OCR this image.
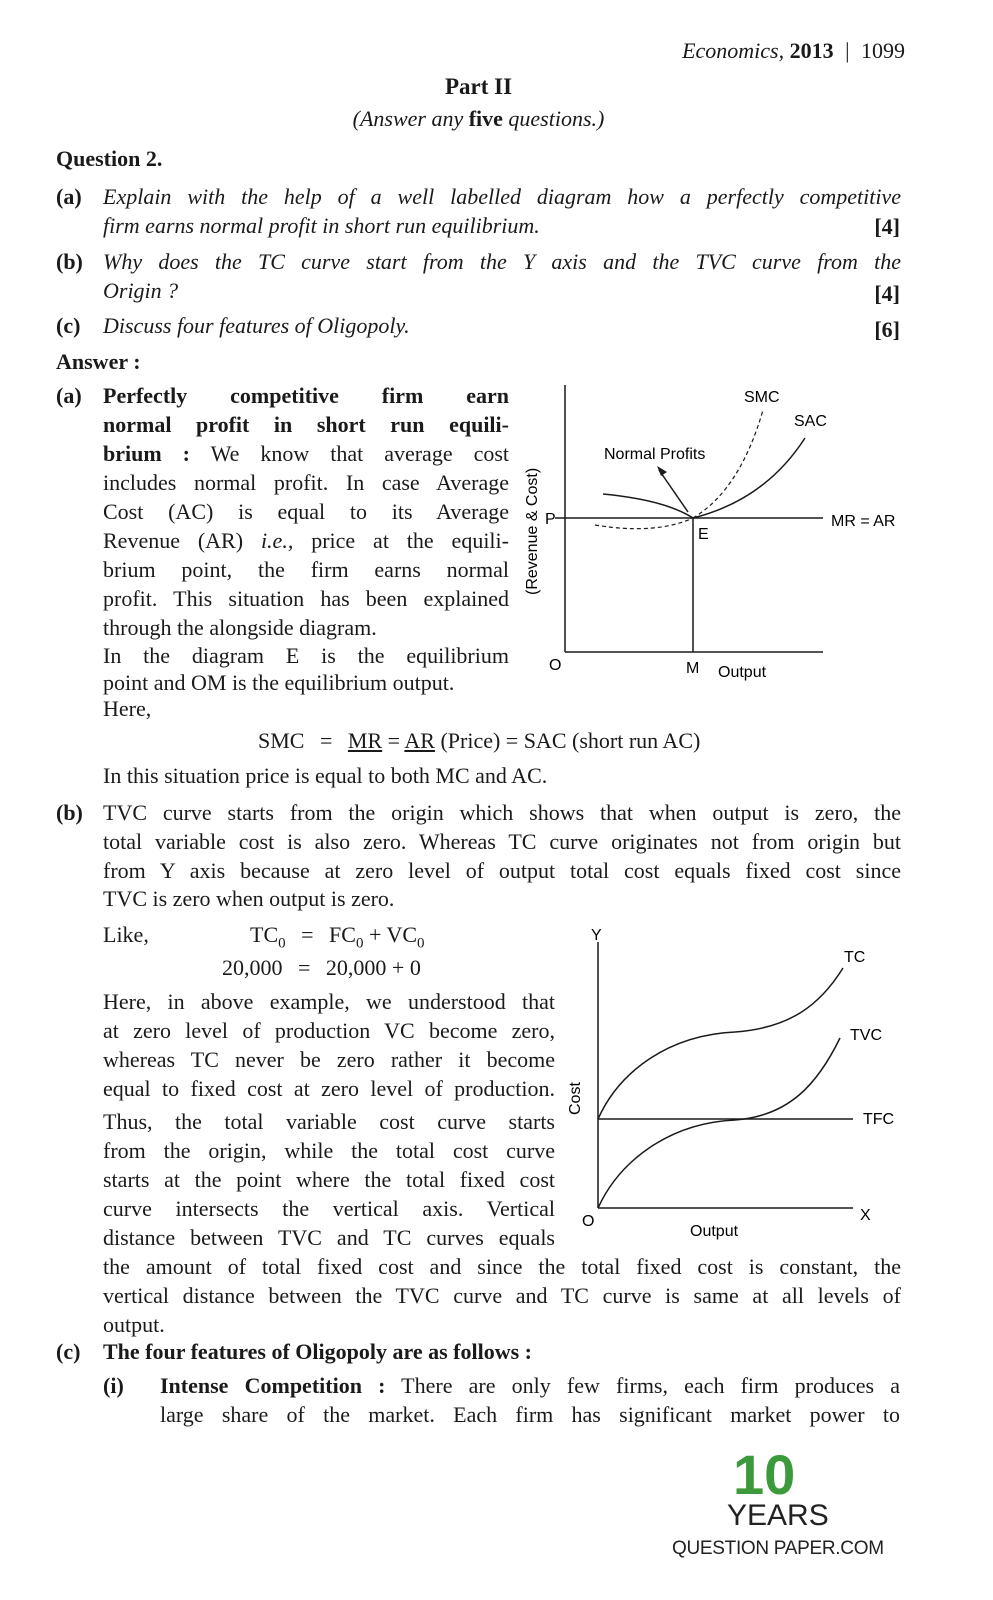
Economics, 2013 | 1099
Part II
(Answer any five questions.)
Question 2.
(a) Explain with the help of a well labelled diagram how a perfectly competitive
firm earns normal profit in short run equilibrium.	[4]
(b) Why does the TC curve start from the Y axis and the TVC curve from the
Origin ?	[4]
(c) Discuss four features of Oligopoly.	[6]
Answer :
(a) Perfectly competitive firm earn
normal profit in short run equili-
brium : We know that average cost
includes normal profit. In case Average
Cost (AC) is equal to its Average
Revenue (AR) i.e., price at the equili-
brium point, the firm earns normal
profit. This situation has been explained
through the alongside diagram.
In the diagram E is the equilibrium
point and OM is the equilibrium output.
Here,
SMC = MR = AR (Price) = SAC (short run AC)
In this situation price is equal to both MC and AC.
SMC
SAC
Normal Profits
P
E
MR = AR
O	M Output
(Revenue & Cost)
(b) TVC curve starts from the origin which shows that when output is zero, the
total variable cost is also zero. Whereas TC curve originates not from origin but
from Y axis because at zero level of output total cost equals fixed cost since
TVC is zero when output is zero.
Like,	$TC_0 = FC_0 + VC_0$
20,000 = 20,000 + 0
Here, in above example, we understood that
at zero level of production VC become zero,
whereas TC never be zero rather it become
equal to fixed cost at zero level of production.
Thus, the total variable cost curve starts
from the origin, while the total cost curve
starts at the point where the total fixed cost
curve intersects the vertical axis. Vertical
distance between TVC and TC curves equals
the amount of total fixed cost and since the total fixed cost is constant, the
vertical distance between the TVC curve and TC curve is same at all levels of
output.
Y
TC
TVC
TFC
X
O
Output
Cost
(c) The four features of Oligopoly are as follows :
(i) Intense Competition : There are only few firms, each firm produces a
large share of the market. Each firm has significant market power to
10
YEARS
QUESTION PAPER.COM
